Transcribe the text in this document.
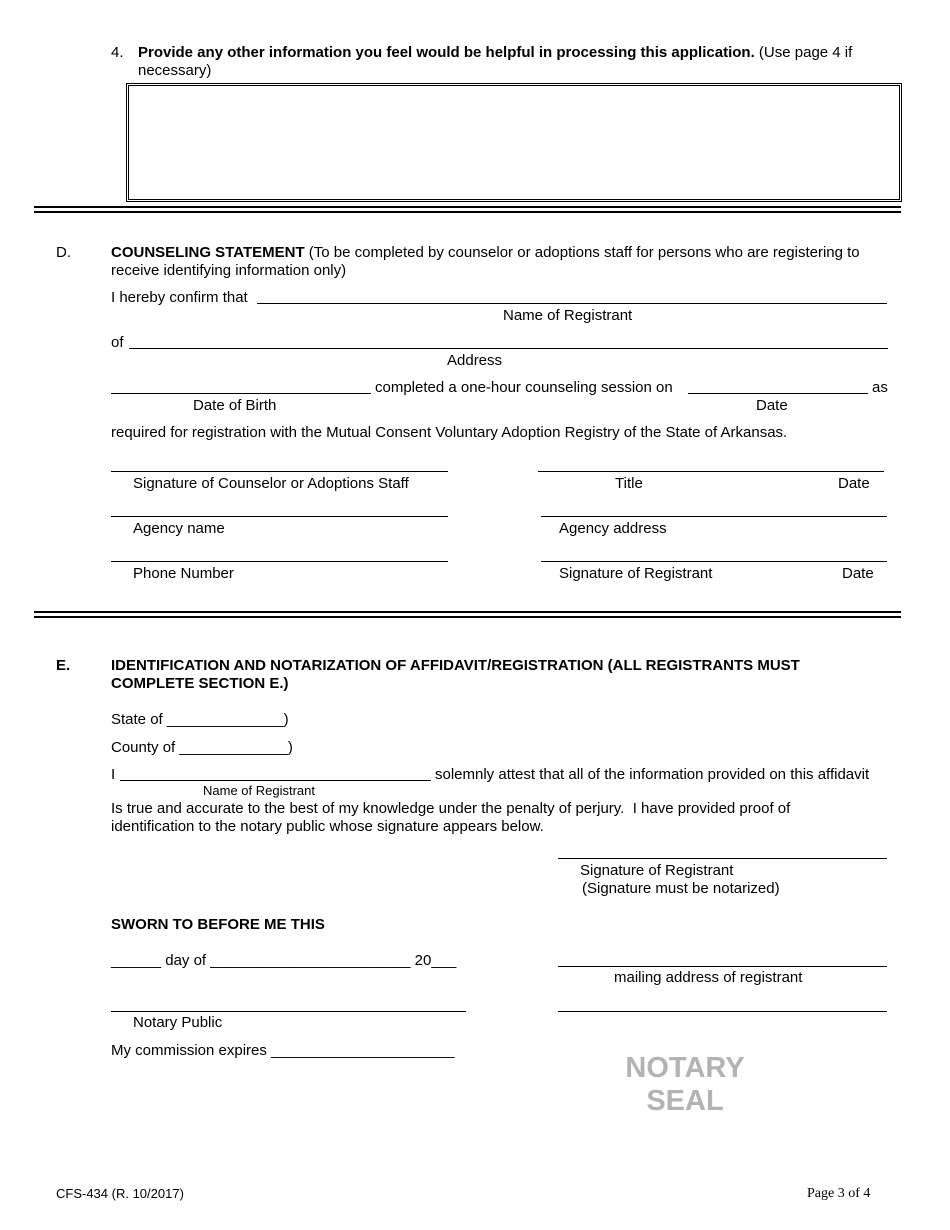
4. Provide any other information you feel would be helpful in processing this application. (Use page 4 if
necessary)
D.	COUNSELING STATEMENT (To be completed by counselor or adoptions staff for persons who are registering to
receive identifying information only)
I hereby confirm that
Name of Registrant
of
Address
completed a one-hour counseling session on	as
Date of Birth	Date
required for registration with the Mutual Consent Voluntary Adoption Registry of the State of Arkansas.
Signature of Counselor or Adoptions Staff	Title	Date
Agency name	Agency address
Phone Number	Signature of Registrant	Date
E.	IDENTIFICATION AND NOTARIZATION OF AFFIDAVIT/REGISTRATION (ALL REGISTRANTS MUST
COMPLETE SECTION E.)
State of ______________)
County of _____________)
I	solemnly attest that all of the information provided on this affidavit
Name of Registrant
Is true and accurate to the best of my knowledge under the penalty of perjury.  I have provided proof of
identification to the notary public whose signature appears below.
Signature of Registrant
(Signature must be notarized)
SWORN TO BEFORE ME THIS
______ day of ________________________ 20___
mailing address of registrant
Notary Public
My commission expires ______________________
NOTARY
SEAL
CFS-434 (R. 10/2017)	Page 3 of 4
